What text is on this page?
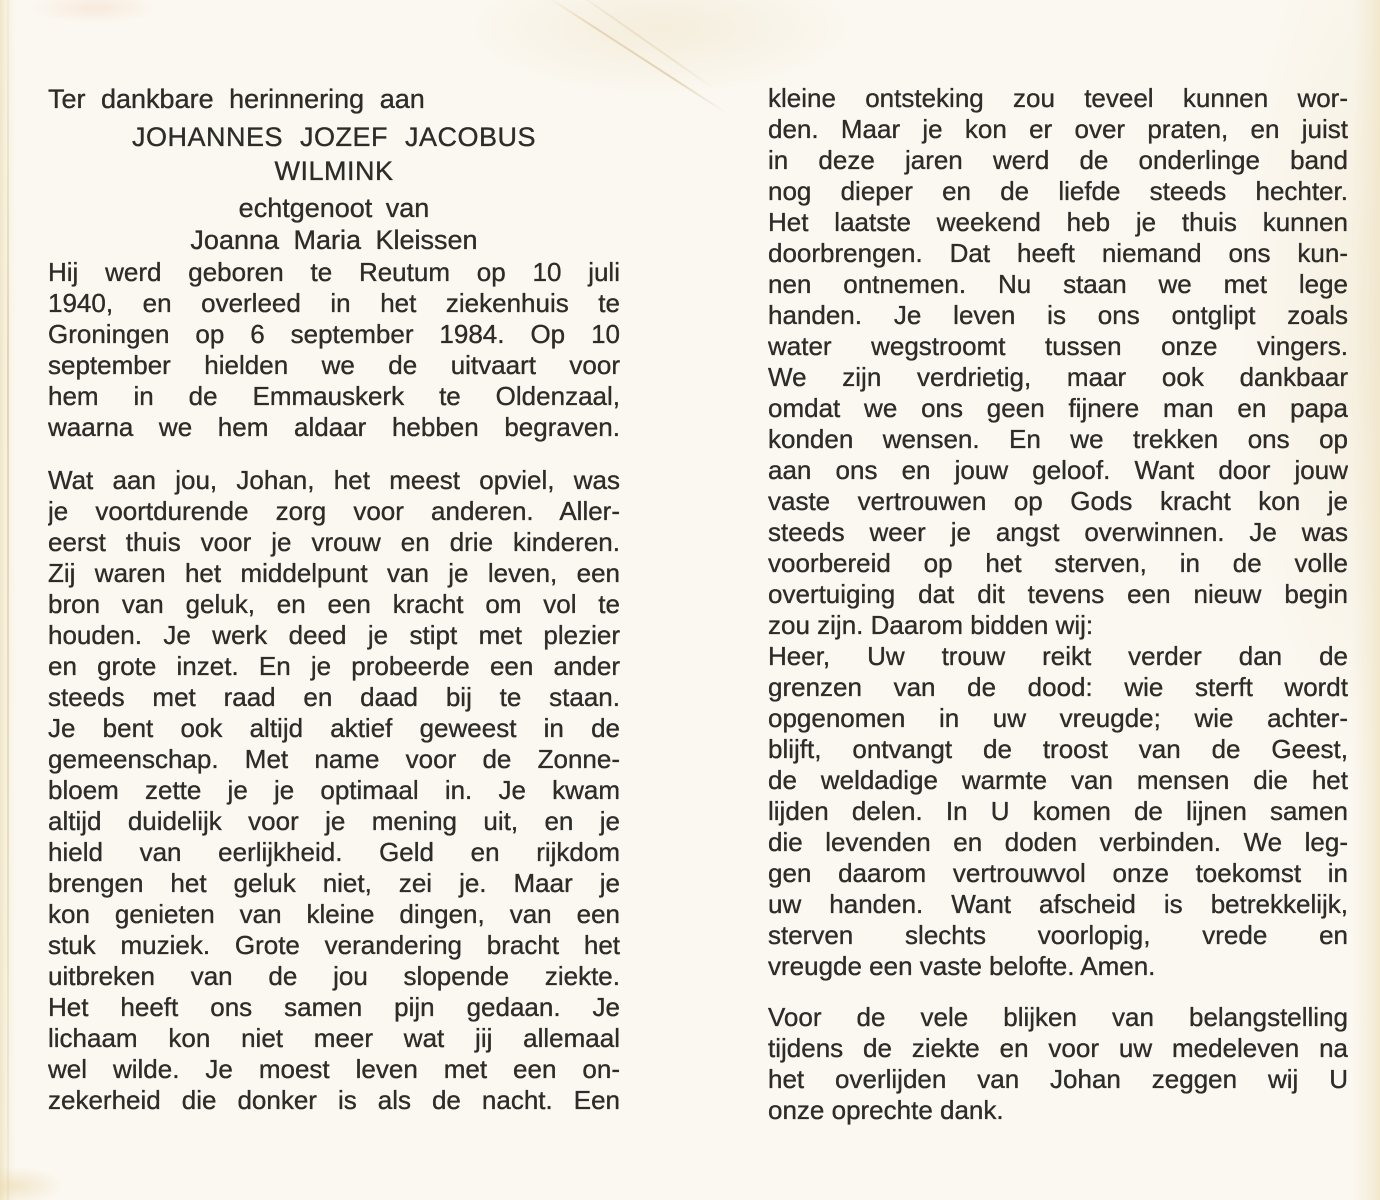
Ter dankbare herinnering aan
JOHANNES JOZEF JACOBUS
WILMINK
echtgenoot van
Joanna Maria Kleissen
Hij werd geboren te Reutum op 10 juli
1940, en overleed in het ziekenhuis te
Groningen op 6 september 1984. Op 10
september hielden we de uitvaart voor
hem in de Emmauskerk te Oldenzaal,
waarna we hem aldaar hebben begraven.
Wat aan jou, Johan, het meest opviel, was
je voortdurende zorg voor anderen. Aller-
eerst thuis voor je vrouw en drie kinderen.
Zij waren het middelpunt van je leven, een
bron van geluk, en een kracht om vol te
houden. Je werk deed je stipt met plezier
en grote inzet. En je probeerde een ander
steeds met raad en daad bij te staan.
Je bent ook altijd aktief geweest in de
gemeenschap. Met name voor de Zonne-
bloem zette je je optimaal in. Je kwam
altijd duidelijk voor je mening uit, en je
hield van eerlijkheid. Geld en rijkdom
brengen het geluk niet, zei je. Maar je
kon genieten van kleine dingen, van een
stuk muziek. Grote verandering bracht het
uitbreken van de jou slopende ziekte.
Het heeft ons samen pijn gedaan. Je
lichaam kon niet meer wat jij allemaal
wel wilde. Je moest leven met een on-
zekerheid die donker is als de nacht. Een
kleine ontsteking zou teveel kunnen wor-
den. Maar je kon er over praten, en juist
in deze jaren werd de onderlinge band
nog dieper en de liefde steeds hechter.
Het laatste weekend heb je thuis kunnen
doorbrengen. Dat heeft niemand ons kun-
nen ontnemen. Nu staan we met lege
handen. Je leven is ons ontglipt zoals
water wegstroomt tussen onze vingers.
We zijn verdrietig, maar ook dankbaar
omdat we ons geen fijnere man en papa
konden wensen. En we trekken ons op
aan ons en jouw geloof. Want door jouw
vaste vertrouwen op Gods kracht kon je
steeds weer je angst overwinnen. Je was
voorbereid op het sterven, in de volle
overtuiging dat dit tevens een nieuw begin
zou zijn. Daarom bidden wij:
Heer, Uw trouw reikt verder dan de
grenzen van de dood: wie sterft wordt
opgenomen in uw vreugde; wie achter-
blijft, ontvangt de troost van de Geest,
de weldadige warmte van mensen die het
lijden delen. In U komen de lijnen samen
die levenden en doden verbinden. We leg-
gen daarom vertrouwvol onze toekomst in
uw handen. Want afscheid is betrekkelijk,
sterven slechts voorlopig, vrede en
vreugde een vaste belofte. Amen.
Voor de vele blijken van belangstelling
tijdens de ziekte en voor uw medeleven na
het overlijden van Johan zeggen wij U
onze oprechte dank.
